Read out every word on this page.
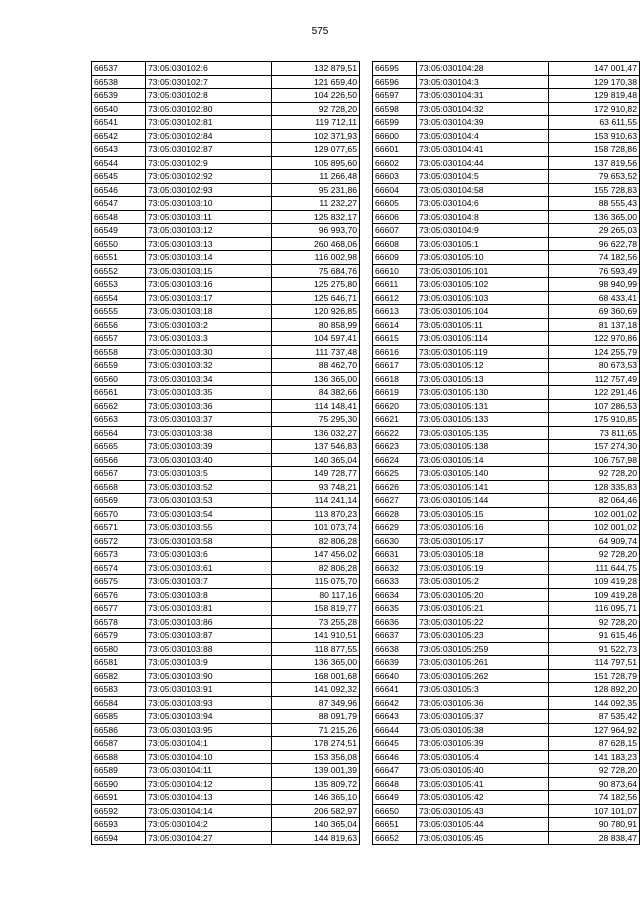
575
66537	73:05:030102:6	132 879,51
66538	73:05:030102:7	121 659,40
66539	73:05:030102:8	104 226,50
66540	73:05:030102:80	92 728,20
66541	73:05:030102:81	119 712,11
66542	73:05:030102:84	102 371,93
66543	73:05:030102:87	129 077,65
66544	73:05:030102:9	105 895,60
66545	73:05:030102:92	11 266,48
66546	73:05:030102:93	95 231,86
66547	73:05:030103:10	11 232,27
66548	73:05:030103:11	125 832,17
66549	73:05:030103:12	96 993,70
66550	73:05:030103:13	260 468,06
66551	73:05:030103:14	116 002,98
66552	73:05:030103:15	75 684,76
66553	73:05:030103:16	125 275,80
66554	73:05:030103:17	125 646,71
66555	73:05:030103:18	120 926,85
66556	73:05:030103:2	80 858,99
66557	73:05:030103:3	104 597,41
66558	73:05:030103:30	111 737,48
66559	73:05:030103:32	88 462,70
66560	73:05:030103:34	136 365,00
66561	73:05:030103:35	84 382,66
66562	73:05:030103:36	114 148,41
66563	73:05:030103:37	75 295,30
66564	73:05:030103:38	136 032,27
66565	73:05:030103:39	137 546,83
66566	73:05:030103:40	140 365,04
66567	73:05:030103:5	149 728,77
66568	73:05:030103:52	93 748,21
66569	73:05:030103:53	114 241,14
66570	73:05:030103:54	113 870,23
66571	73:05:030103:55	101 073,74
66572	73:05:030103:58	82 806,28
66573	73:05:030103:6	147 456,02
66574	73:05:030103:61	82 806,28
66575	73:05:030103:7	115 075,70
66576	73:05:030103:8	80 117,16
66577	73:05:030103:81	158 819,77
66578	73:05:030103:86	73 255,28
66579	73:05:030103:87	141 910,51
66580	73:05:030103:88	118 877,55
66581	73:05:030103:9	136 365,00
66582	73:05:030103:90	168 001,68
66583	73:05:030103:91	141 092,32
66584	73:05:030103:93	87 349,96
66585	73:05:030103:94	88 091,79
66586	73:05:030103:95	71 215,26
66587	73:05:030104:1	178 274,51
66588	73:05:030104:10	153 356,08
66589	73:05:030104:11	139 001,39
66590	73:05:030104:12	135 809,72
66591	73:05:030104:13	146 365,10
66592	73:05:030104:14	206 582,97
66593	73:05:030104:2	140 365,04
66594	73:05:030104:27	144 819,63
66595	73:05:030104:28	147 001,47
66596	73:05:030104:3	129 170,38
66597	73:05:030104:31	129 819,48
66598	73:05:030104:32	172 910,82
66599	73:05:030104:39	63 611,55
66600	73:05:030104:4	153 910,63
66601	73:05:030104:41	158 728,86
66602	73:05:030104:44	137 819,56
66603	73:05:030104:5	79 653,52
66604	73:05:030104:58	155 728,83
66605	73:05:030104:6	88 555,43
66606	73:05:030104:8	136 365,00
66607	73:05:030104:9	29 265,03
66608	73:05:030105:1	96 622,78
66609	73:05:030105:10	74 182,56
66610	73:05:030105:101	76 593,49
66611	73:05:030105:102	98 940,99
66612	73:05:030105:103	68 433,41
66613	73:05:030105:104	69 360,69
66614	73:05:030105:11	81 137,18
66615	73:05:030105:114	122 970,86
66616	73:05:030105:119	124 255,79
66617	73:05:030105:12	80 673,53
66618	73:05:030105:13	112 757,49
66619	73:05:030105:130	122 291,46
66620	73:05:030105:131	107 286,53
66621	73:05:030105:133	175 910,85
66622	73:05:030105:135	73 811,65
66623	73:05:030105:138	157 274,30
66624	73:05:030105:14	106 757,98
66625	73:05:030105:140	92 728,20
66626	73:05:030105:141	128 335,83
66627	73:05:030105:144	82 064,46
66628	73:05:030105:15	102 001,02
66629	73:05:030105:16	102 001,02
66630	73:05:030105:17	64 909,74
66631	73:05:030105:18	92 728,20
66632	73:05:030105:19	111 644,75
66633	73:05:030105:2	109 419,28
66634	73:05:030105:20	109 419,28
66635	73:05:030105:21	116 095,71
66636	73:05:030105:22	92 728,20
66637	73:05:030105:23	91 615,46
66638	73:05:030105:259	91 522,73
66639	73:05:030105:261	114 797,51
66640	73:05:030105:262	151 728,79
66641	73:05:030105:3	128 892,20
66642	73:05:030105:36	144 092,35
66643	73:05:030105:37	87 535,42
66644	73:05:030105:38	127 964,92
66645	73:05:030105:39	87 628,15
66646	73:05:030105:4	141 183,23
66647	73:05:030105:40	92 728,20
66648	73:05:030105:41	90 873,64
66649	73:05:030105:42	74 182,56
66650	73:05:030105:43	107 101,07
66651	73:05:030105:44	90 780,91
66652	73:05:030105:45	28 838,47
